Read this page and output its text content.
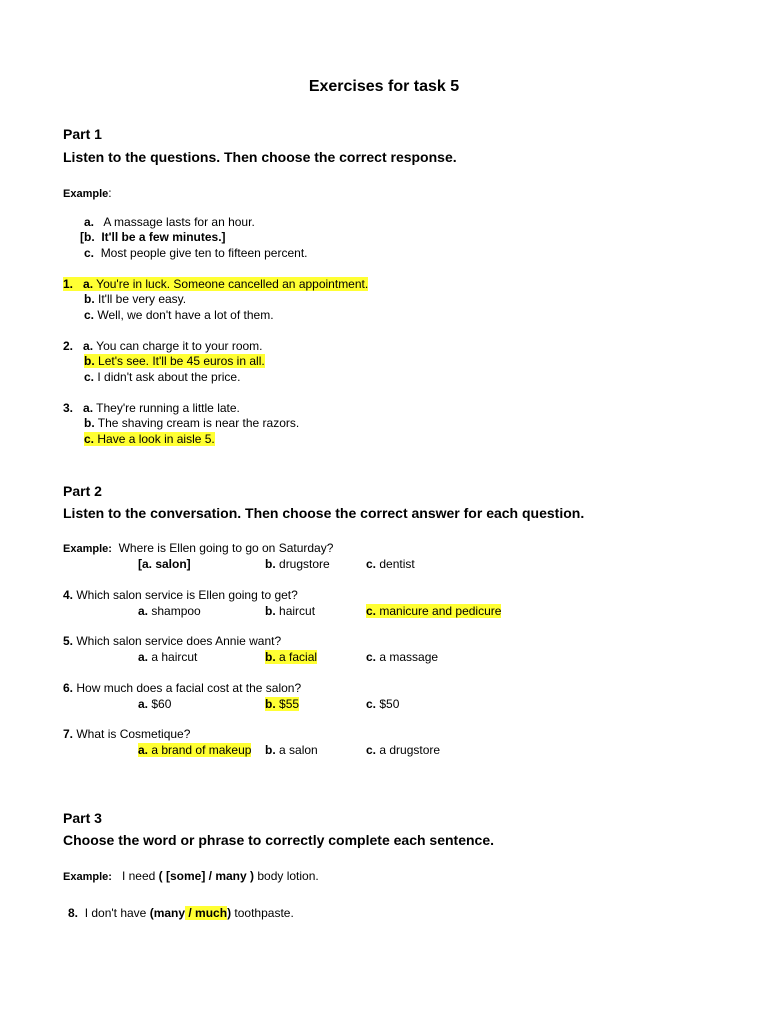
Exercises for task 5
Part 1
Listen to the questions. Then choose the correct response.
Example:
a. A massage lasts for an hour.
[b. It'll be a few minutes.]
c. Most people give ten to fifteen percent.
1. a. You're in luck. Someone cancelled an appointment.
b. It'll be very easy.
c. Well, we don't have a lot of them.
2. a. You can charge it to your room.
b. Let's see. It'll be 45 euros in all.
c. I didn't ask about the price.
3. a. They're running a little late.
b. The shaving cream is near the razors.
c. Have a look in aisle 5.
Part 2
Listen to the conversation. Then choose the correct answer for each question.
Example: Where is Ellen going to go on Saturday?
[a. salon]	b. drugstore	c. dentist
4. Which salon service is Ellen going to get?
a. shampoo	b. haircut	c. manicure and pedicure
5. Which salon service does Annie want?
a. a haircut	b. a facial	c. a massage
6. How much does a facial cost at the salon?
a. $60	b. $55	c. $50
7. What is Cosmetique?
a. a brand of makeup b. a salon	c. a drugstore
Part 3
Choose the word or phrase to correctly complete each sentence.
Example: I need ( [some] / many ) body lotion.
8. I don't have (many / much) toothpaste.
